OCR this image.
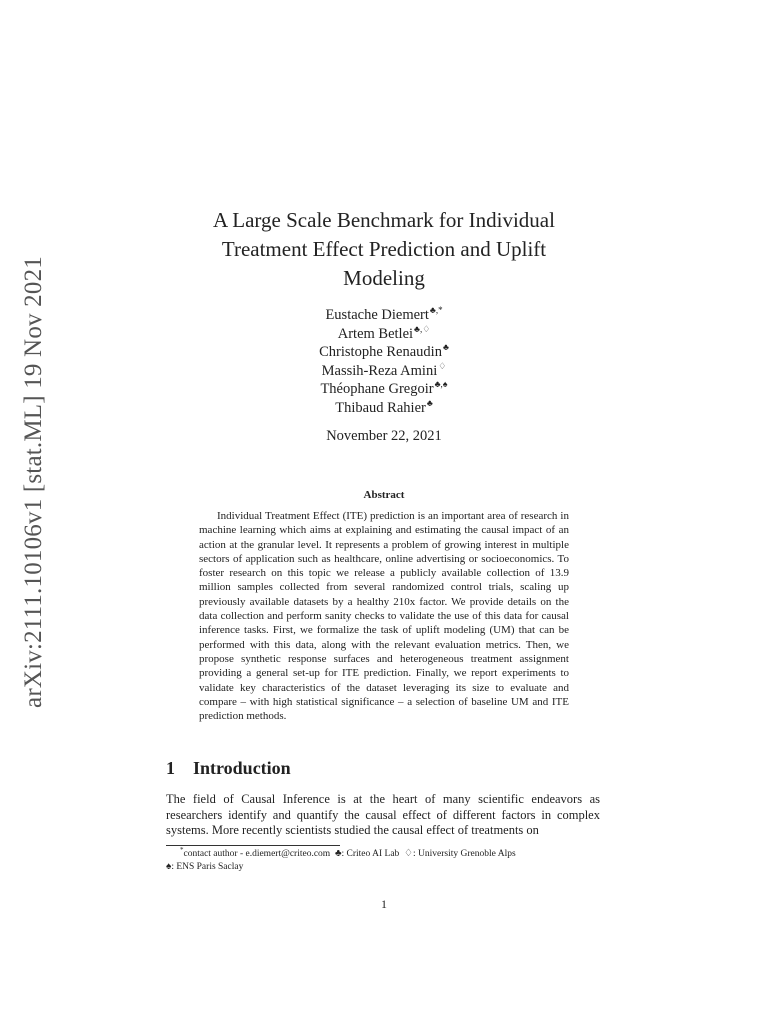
arXiv:2111.10106v1 [stat.ML] 19 Nov 2021
A Large Scale Benchmark for Individual
Treatment Effect Prediction and Uplift
Modeling
Eustache Diemert♣,*
Artem Betlei♣,♢
Christophe Renaudin♣
Massih-Reza Amini♢
Théophane Gregoir♣,♠
Thibaud Rahier♣
November 22, 2021
Abstract

Individual Treatment Effect (ITE) prediction is an important area of research in machine learning which aims at explaining and estimating the causal impact of an action at the granular level. It represents a problem of growing interest in multiple sectors of application such as healthcare, online advertising or socioeconomics. To foster research on this topic we release a publicly available collection of 13.9 million samples collected from several randomized control trials, scaling up previously available datasets by a healthy 210x factor. We provide details on the data collection and perform sanity checks to validate the use of this data for causal inference tasks. First, we formalize the task of uplift modeling (UM) that can be performed with this data, along with the relevant evaluation metrics. Then, we propose synthetic response surfaces and heterogeneous treatment assignment providing a general set-up for ITE prediction. Finally, we report experiments to validate key characteristics of the dataset leveraging its size to evaluate and compare – with high statistical significance – a selection of baseline UM and ITE prediction methods.

1 Introduction

The field of Causal Inference is at the heart of many scientific endeavors as researchers identify and quantify the causal effect of different factors in complex systems. More recently scientists studied the causal effect of treatments on

*contact author - e.diemert@criteo.com ♣: Criteo AI Lab ♢: University Grenoble Alps
♠: ENS Paris Saclay
1
